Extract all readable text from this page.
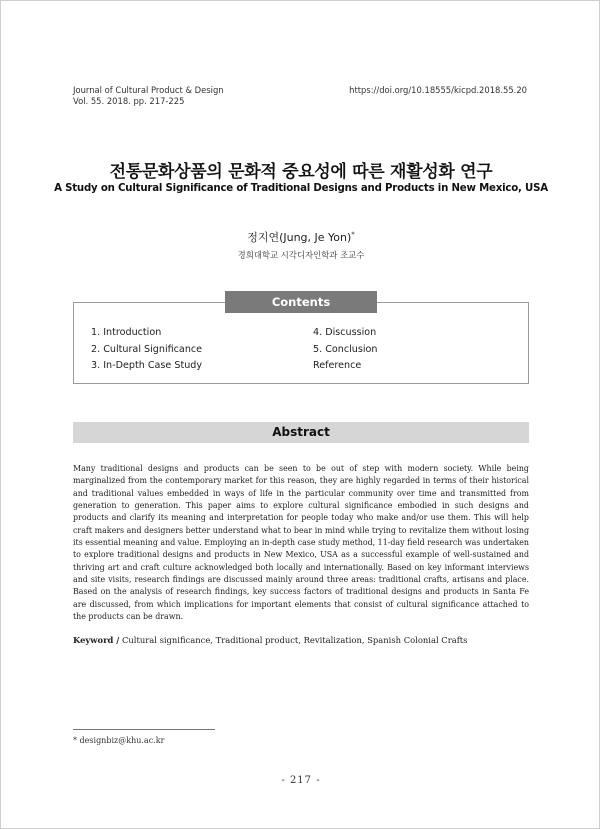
Journal of Cultural Product & Design
Vol. 55. 2018. pp. 217-225
https://doi.org/10.18555/kicpd.2018.55.20
전통문화상품의 문화적 중요성에 따른 재활성화 연구
A Study on Cultural Significance of Traditional Designs and Products in New Mexico, USA
정지연(Jung, Je Yon)*
경희대학교 시각디자인학과 조교수
Contents
1. Introduction
2. Cultural Significance
3. In-Depth Case Study
4. Discussion
5. Conclusion
Reference
Abstract
Many traditional designs and products can be seen to be out of step with modern society. While being marginalized from the contemporary market for this reason, they are highly regarded in terms of their historical and traditional values embedded in ways of life in the particular community over time and transmitted from generation to generation. This paper aims to explore cultural significance embodied in such designs and products and clarify its meaning and interpretation for people today who make and/or use them. This will help craft makers and designers better understand what to bear in mind while trying to revitalize them without losing its essential meaning and value. Employing an in-depth case study method, 11-day field research was undertaken to explore traditional designs and products in New Mexico, USA as a successful example of well-sustained and thriving art and craft culture acknowledged both locally and internationally. Based on key informant interviews and site visits, research findings are discussed mainly around three areas: traditional crafts, artisans and place. Based on the analysis of research findings, key success factors of traditional designs and products in Santa Fe are discussed, from which implications for important elements that consist of cultural significance attached to the products can be drawn.
Keyword / Cultural significance, Traditional product, Revitalization, Spanish Colonial Crafts
* designbiz@khu.ac.kr
- 217 -
